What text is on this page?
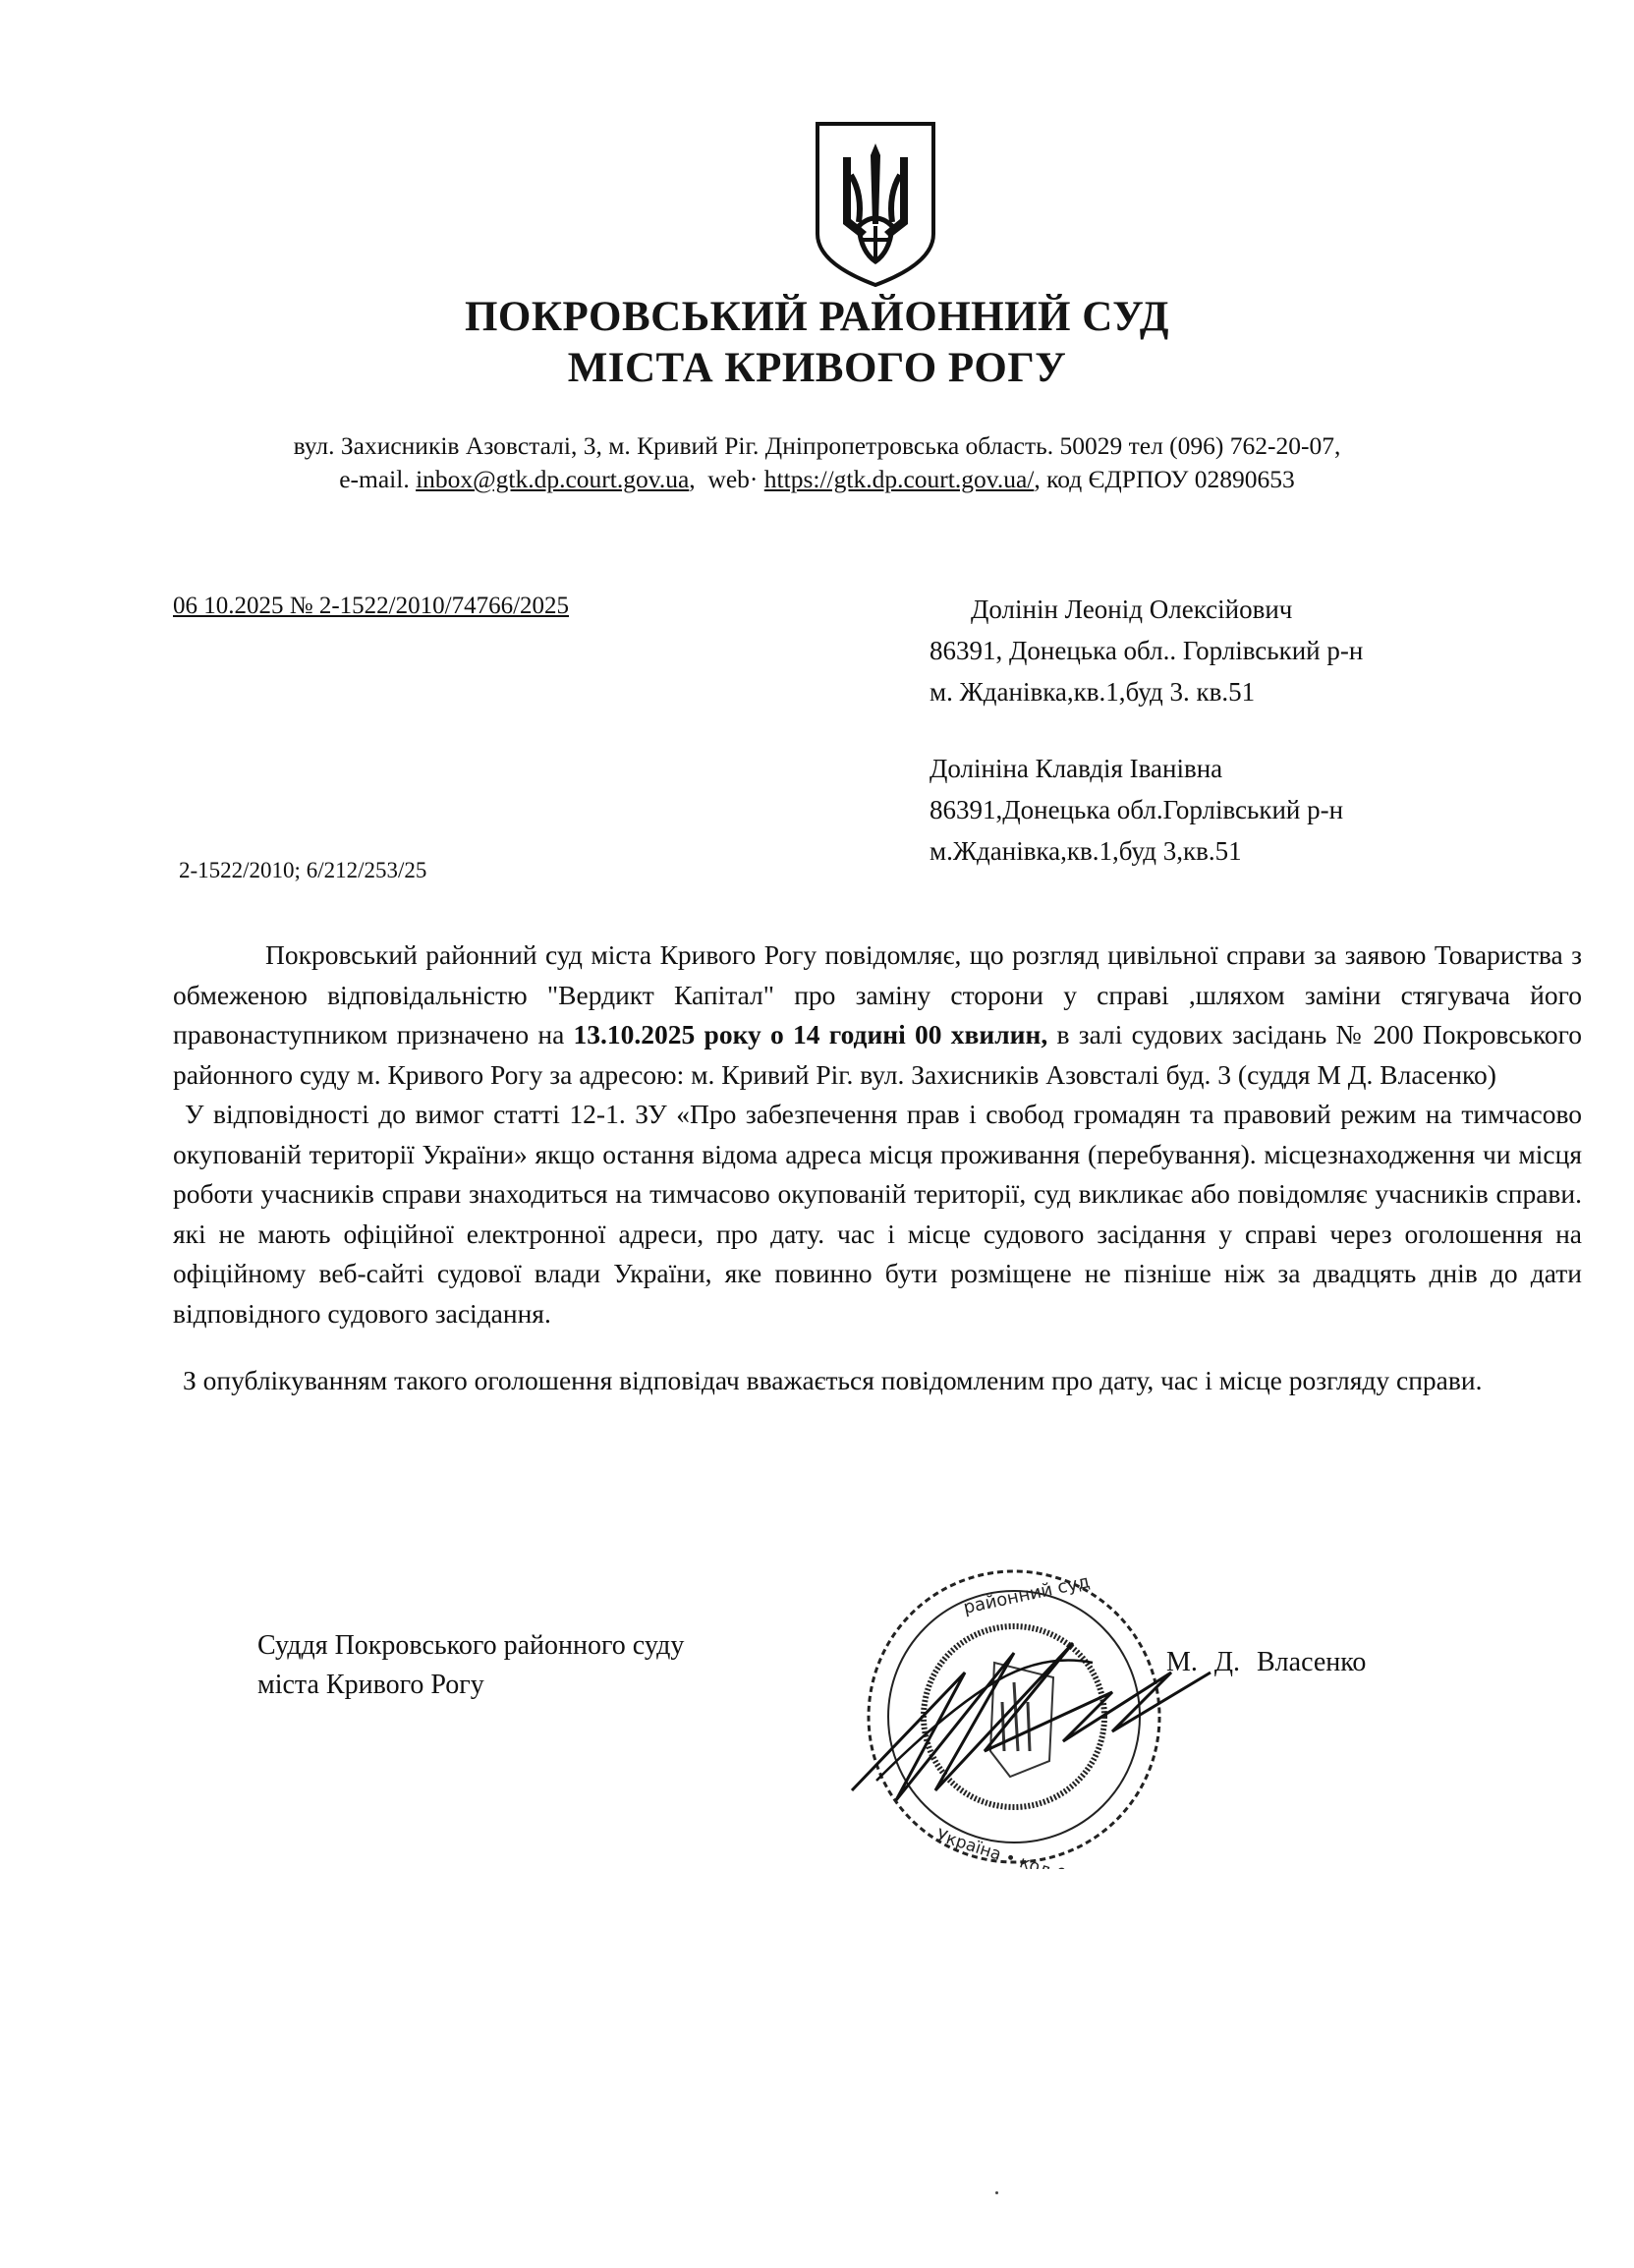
ПОКРОВСЬКИЙ РАЙОННИЙ СУД
МІСТА КРИВОГО РОГУ
вул. Захисників Азовсталі, 3, м. Кривий Ріг. Дніпропетровська область. 50029 тел (096) 762-20-07,
e-mail. inbox@gtk.dp.court.gov.ua,  web· https://gtk.dp.court.gov.ua/, код ЄДРПОУ 02890653
06 10.2025 № 2-1522/2010/74766/2025	Долінін Леонід Олексійович
86391, Донецька обл.. Горлівський р-н
м. Жданівка,кв.1,буд 3. кв.51
Долініна Клавдія Іванівна
86391,Донецька обл.Горлівський р-н
м.Жданівка,кв.1,буд 3,кв.51
2-1522/2010; 6/212/253/25

Покровський районний суд міста Кривого Рогу повідомляє, що розгляд цивільної справи за заявою Товариства з обмеженою відповідальністю "Вердикт Капітал" про заміну сторони у справі ,шляхом заміни стягувача його правонаступником призначено на 13.10.2025 року о 14 годині 00 хвилин, в залі судових засідань № 200 Покровського районного суду м. Кривого Рогу за адресою: м. Кривий Ріг. вул. Захисників Азовсталі буд. 3 (суддя М Д. Власенко)

У відповідності до вимог статті 12-1. ЗУ «Про забезпечення прав і свобод громадян та правовий режим на тимчасово окупованій території України» якщо остання відома адреса місця проживання (перебування). місцезнаходження чи місця роботи учасників справи знаходиться на тимчасово окупованій території, суд викликає або повідомляє учасників справи. які не мають офіційної електронної адреси, про дату. час і місце судового засідання у справі через оголошення на офіційному веб-сайті судової влади України, яке повинно бути розміщене не пізніше ніж за двадцять днів до дати відповідного судового засідання.

З опублікуванням такого оголошення відповідач вважається повідомленим про дату, час і місце розгляду справи.

Суддя Покровського районного суду
міста Кривого Рогу
районний суд
Україна • код 02890653
М. Д. Власенко
